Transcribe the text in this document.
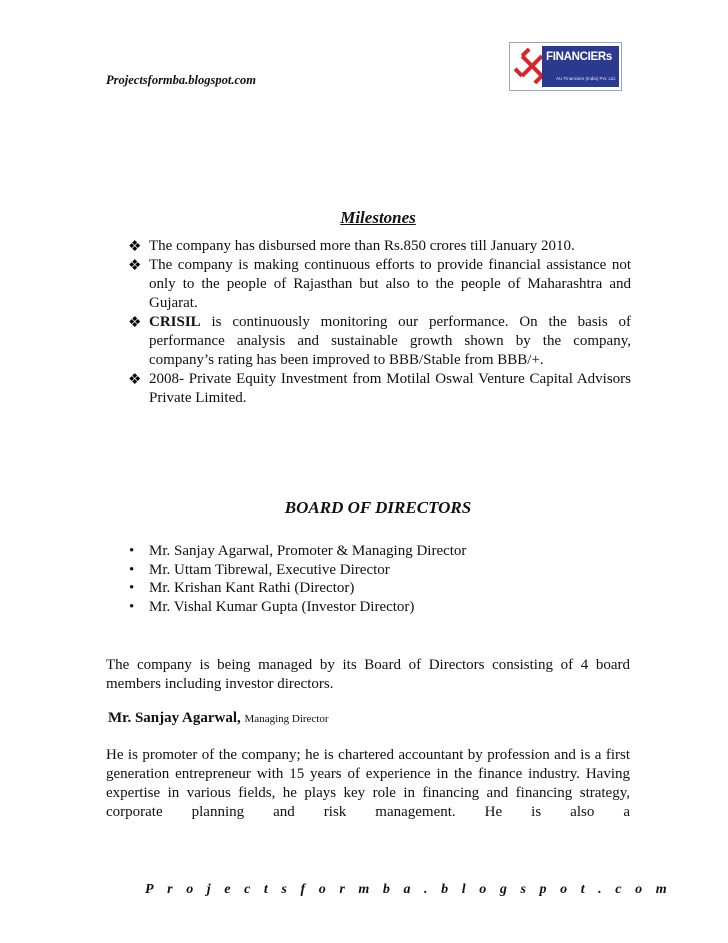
Projectsformba.blogspot.com
FINANCIERs
AU Financiers (India) Pvt. Ltd.
Milestones
❖ The company has disbursed more than Rs.850 crores till January 2010.
❖ The company is making continuous efforts to provide financial assistance not only to the people of Rajasthan but also to the people of Maharashtra and Gujarat.
❖ CRISIL is continuously monitoring our performance. On the basis of performance analysis and sustainable growth shown by the company, company’s rating has been improved to BBB/Stable from BBB/+.
❖ 2008- Private Equity Investment from Motilal Oswal Venture Capital Advisors Private Limited.
BOARD OF DIRECTORS
• Mr. Sanjay Agarwal, Promoter & Managing Director
• Mr. Uttam Tibrewal, Executive Director
• Mr. Krishan Kant Rathi (Director)
• Mr. Vishal Kumar Gupta (Investor Director)
The company is being managed by its Board of Directors consisting of 4 board members including investor directors.
Mr. Sanjay Agarwal, Managing Director
He is promoter of the company; he is chartered accountant by profession and is a first generation entrepreneur with 15 years of experience in the finance industry. Having expertise in various fields, he plays key role in financing and financing strategy, corporate planning and risk management. He is also a
Projectsformba.blogspot.com
